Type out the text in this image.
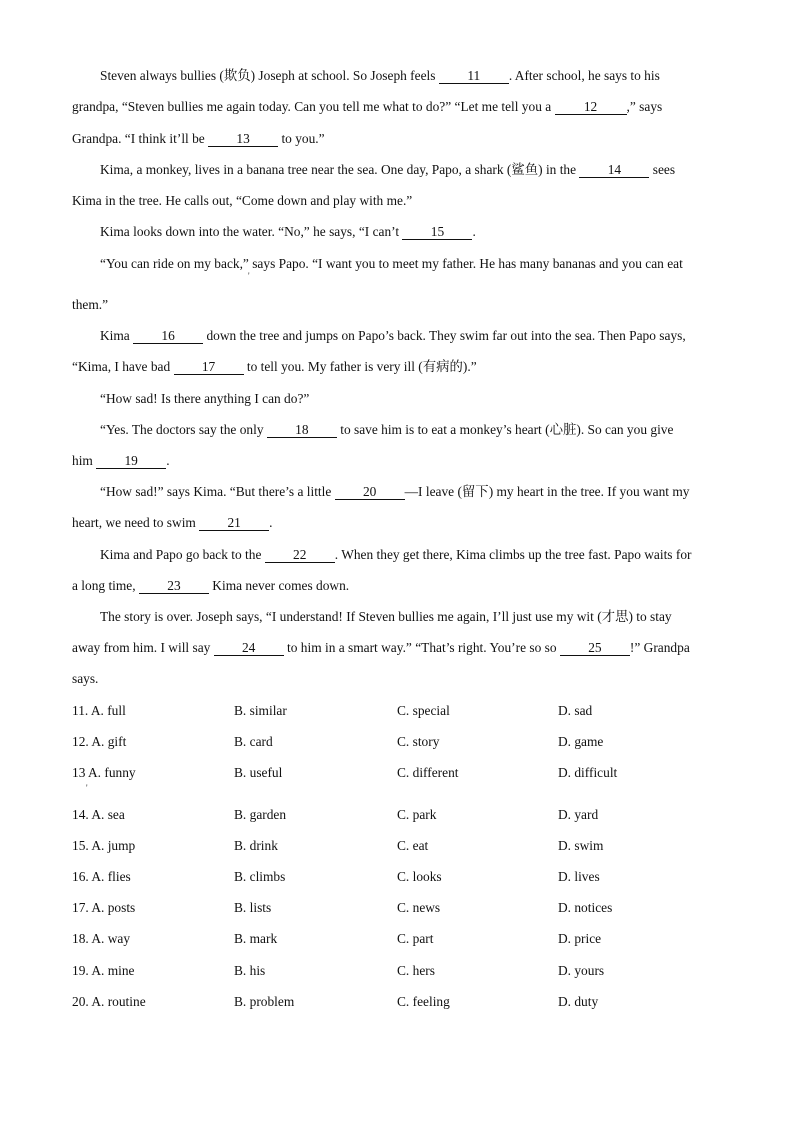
Steven always bullies (欺负) Joseph at school. So Joseph feels 11 . After school, he says to his
grandpa, “Steven bullies me again today. Can you tell me what to do?” “Let me tell you a 12 ,” says
Grandpa. “I think it’ll be 13 to you.”
Kima, a monkey, lives in a banana tree near the sea. One day, Papo, a shark (鲨鱼) in the 14 sees
Kima in the tree. He calls out, “Come down and play with me.”
Kima looks down into the water. “No,” he says, “I can’t 15 .
“You can ride on my back,” says Papo. “I want you to meet my father. He has many bananas and you can eat
'
them.”
Kima 16 down the tree and jumps on Papo’s back. They swim far out into the sea. Then Papo says,
“Kima, I have bad 17 to tell you. My father is very ill (有病的).”
“How sad! Is there anything I can do?”
“Yes. The doctors say the only 18 to save him is to eat a monkey’s heart (心脏). So can you give
him 19 .
“How sad!” says Kima. “But there’s a little 20 —I leave (留下) my heart in the tree. If you want my
heart, we need to swim 21 .
Kima and Papo go back to the 22 . When they get there, Kima climbs up the tree fast. Papo waits for
a long time, 23 Kima never comes down.
The story is over. Joseph says, “I understand! If Steven bullies me again, I’ll just use my wit (才思) to stay
away from him. I will say 24 to him in a smart way.” “That’s right. You’re so so 25 !” Grandpa
says.
11. A. full	B. similar	C. special	D. sad
12. A. gift	B. card	C. story	D. game
13 A. funny	B. useful	C. different	D. difficult
'
14. A. sea	B. garden	C. park	D. yard
15. A. jump	B. drink	C. eat	D. swim
16. A. flies	B. climbs	C. looks	D. lives
17. A. posts	B. lists	C. news	D. notices
18. A. way	B. mark	C. part	D. price
19. A. mine	B. his	C. hers	D. yours
20. A. routine	B. problem	C. feeling	D. duty
